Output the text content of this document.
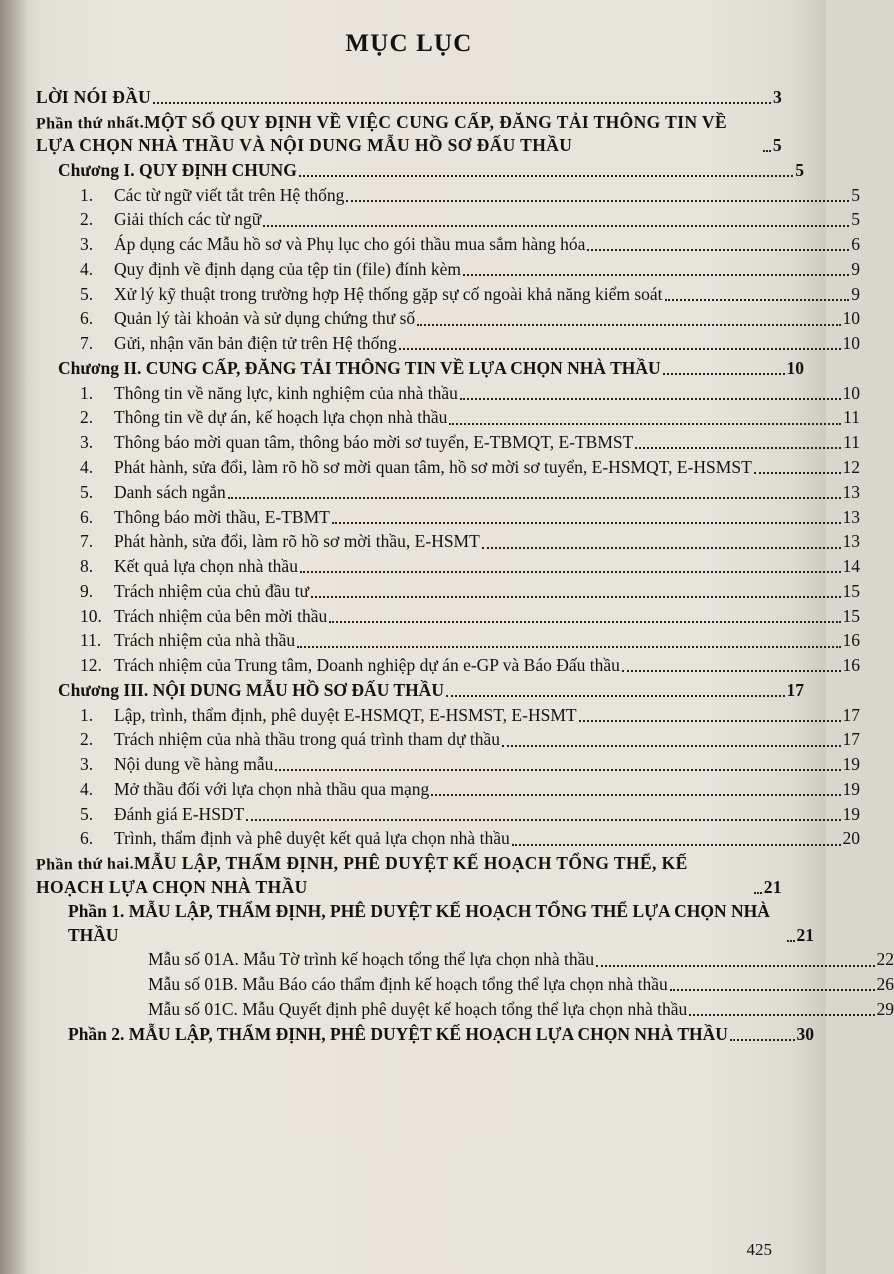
MỤC LỤC
LỜI NÓI ĐẦU	3
Phần thứ nhất.MỘT SỐ QUY ĐỊNH VỀ VIỆC CUNG CẤP, ĐĂNG TẢI THÔNG TIN VỀ LỰA CHỌN NHÀ THẦU VÀ NỘI DUNG MẪU HỒ SƠ ĐẤU THẦU	5
Chương I. QUY ĐỊNH CHUNG	5
1.	Các từ ngữ viết tắt trên Hệ thống	5
2.	Giải thích các từ ngữ	5
3.	Áp dụng các Mẫu hồ sơ và Phụ lục cho gói thầu mua sắm hàng hóa	6
4.	Quy định về định dạng của tệp tin (file) đính kèm	9
5.	Xử lý kỹ thuật trong trường hợp Hệ thống gặp sự cố ngoài khả năng kiểm soát	9
6.	Quản lý tài khoản và sử dụng chứng thư số	10
7.	Gửi, nhận văn bản điện tử trên Hệ thống	10
Chương II. CUNG CẤP, ĐĂNG TẢI THÔNG TIN VỀ LỰA CHỌN NHÀ THẦU	10
1.	Thông tin về năng lực, kinh nghiệm của nhà thầu	10
2.	Thông tin về dự án, kế hoạch lựa chọn nhà thầu	11
3.	Thông báo mời quan tâm, thông báo mời sơ tuyển, E-TBMQT, E-TBMST	11
4.	Phát hành, sửa đổi, làm rõ hồ sơ mời quan tâm, hồ sơ mời sơ tuyển, E-HSMQT, E-HSMST	12
5.	Danh sách ngắn	13
6.	Thông báo mời thầu, E-TBMT	13
7.	Phát hành, sửa đổi, làm rõ hồ sơ mời thầu, E-HSMT	13
8.	Kết quả lựa chọn nhà thầu	14
9.	Trách nhiệm của chủ đầu tư	15
10. Trách nhiệm của bên mời thầu	15
11. Trách nhiệm của nhà thầu	16
12. Trách nhiệm của Trung tâm, Doanh nghiệp dự án e-GP và Báo Đấu thầu	16
Chương III. NỘI DUNG MẪU HỒ SƠ ĐẤU THẦU	17
1.	Lập, trình, thẩm định, phê duyệt E-HSMQT, E-HSMST, E-HSMT	17
2.	Trách nhiệm của nhà thầu trong quá trình tham dự thầu	17
3.	Nội dung về hàng mẫu	19
4.	Mở thầu đối với lựa chọn nhà thầu qua mạng	19
5.	Đánh giá E-HSDT	19
6.	Trình, thẩm định và phê duyệt kết quả lựa chọn nhà thầu	20
Phần thứ hai.MẪU LẬP, THẨM ĐỊNH, PHÊ DUYỆT KẾ HOẠCH TỔNG THỂ, KẾ HOẠCH LỰA CHỌN NHÀ THẦU	21
Phần 1. MẪU LẬP, THẨM ĐỊNH, PHÊ DUYỆT KẾ HOẠCH TỔNG THỂ LỰA CHỌN NHÀ THẦU	21
Mẫu số 01A. Mẫu Tờ trình kế hoạch tổng thể lựa chọn nhà thầu	22
Mẫu số 01B. Mẫu Báo cáo thẩm định kế hoạch tổng thể lựa chọn nhà thầu	26
Mẫu số 01C. Mẫu Quyết định phê duyệt kế hoạch tổng thể lựa chọn nhà thầu	29
Phần 2. MẪU LẬP, THẨM ĐỊNH, PHÊ DUYỆT KẾ HOẠCH LỰA CHỌN NHÀ THẦU	30
425
